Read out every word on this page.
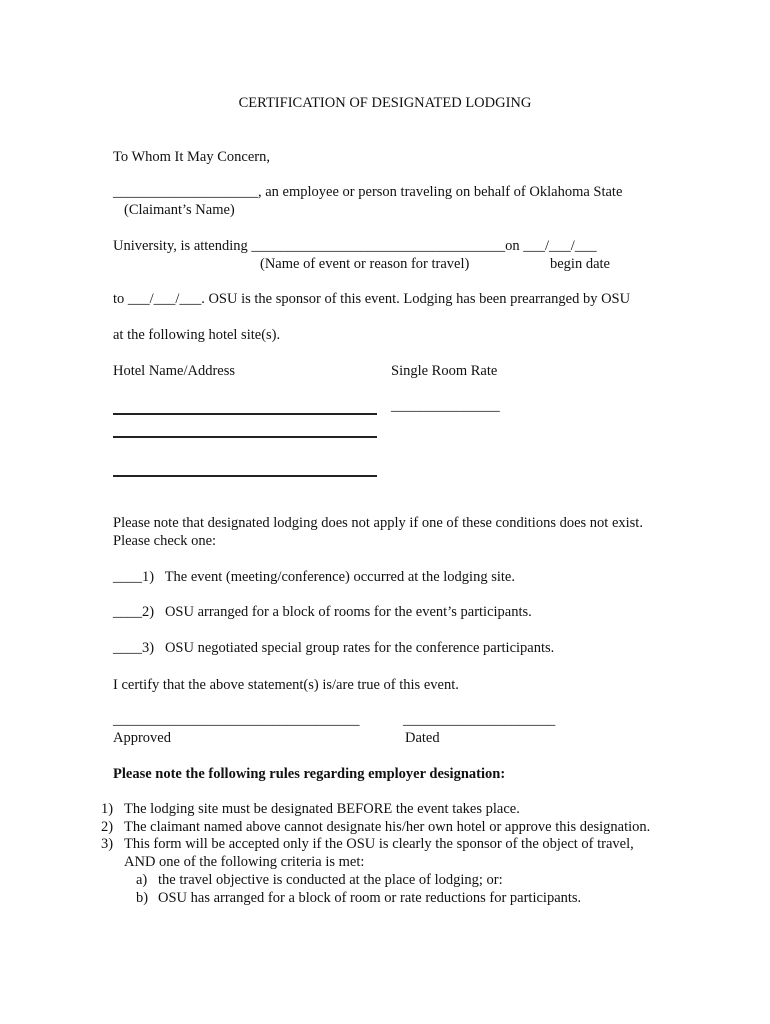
CERTIFICATION OF DESIGNATED LODGING
To Whom It May Concern,
____________________, an employee or person traveling on behalf of Oklahoma State
(Claimant’s Name)
University, is attending ___________________________________on ___/___/___
(Name of event or reason for travel)	begin date
to ___/___/___. OSU is the sponsor of this event. Lodging has been prearranged by OSU
at the following hotel site(s).
Hotel Name/Address	Single Room Rate
_______________
Please note that designated lodging does not apply if one of these conditions does not exist.
Please check one:
____1)   The event (meeting/conference) occurred at the lodging site.
____2)   OSU arranged for a block of rooms for the event’s participants.
____3)   OSU negotiated special group rates for the conference participants.
I certify that the above statement(s) is/are true of this event.
__________________________________	_____________________
Approved	Dated
Please note the following rules regarding employer designation:
1) The lodging site must be designated BEFORE the event takes place.
2) The claimant named above cannot designate his/her own hotel or approve this designation.
3) This form will be accepted only if the OSU is clearly the sponsor of the object of travel,
AND one of the following criteria is met:
a) the travel objective is conducted at the place of lodging; or:
b) OSU has arranged for a block of room or rate reductions for participants.
